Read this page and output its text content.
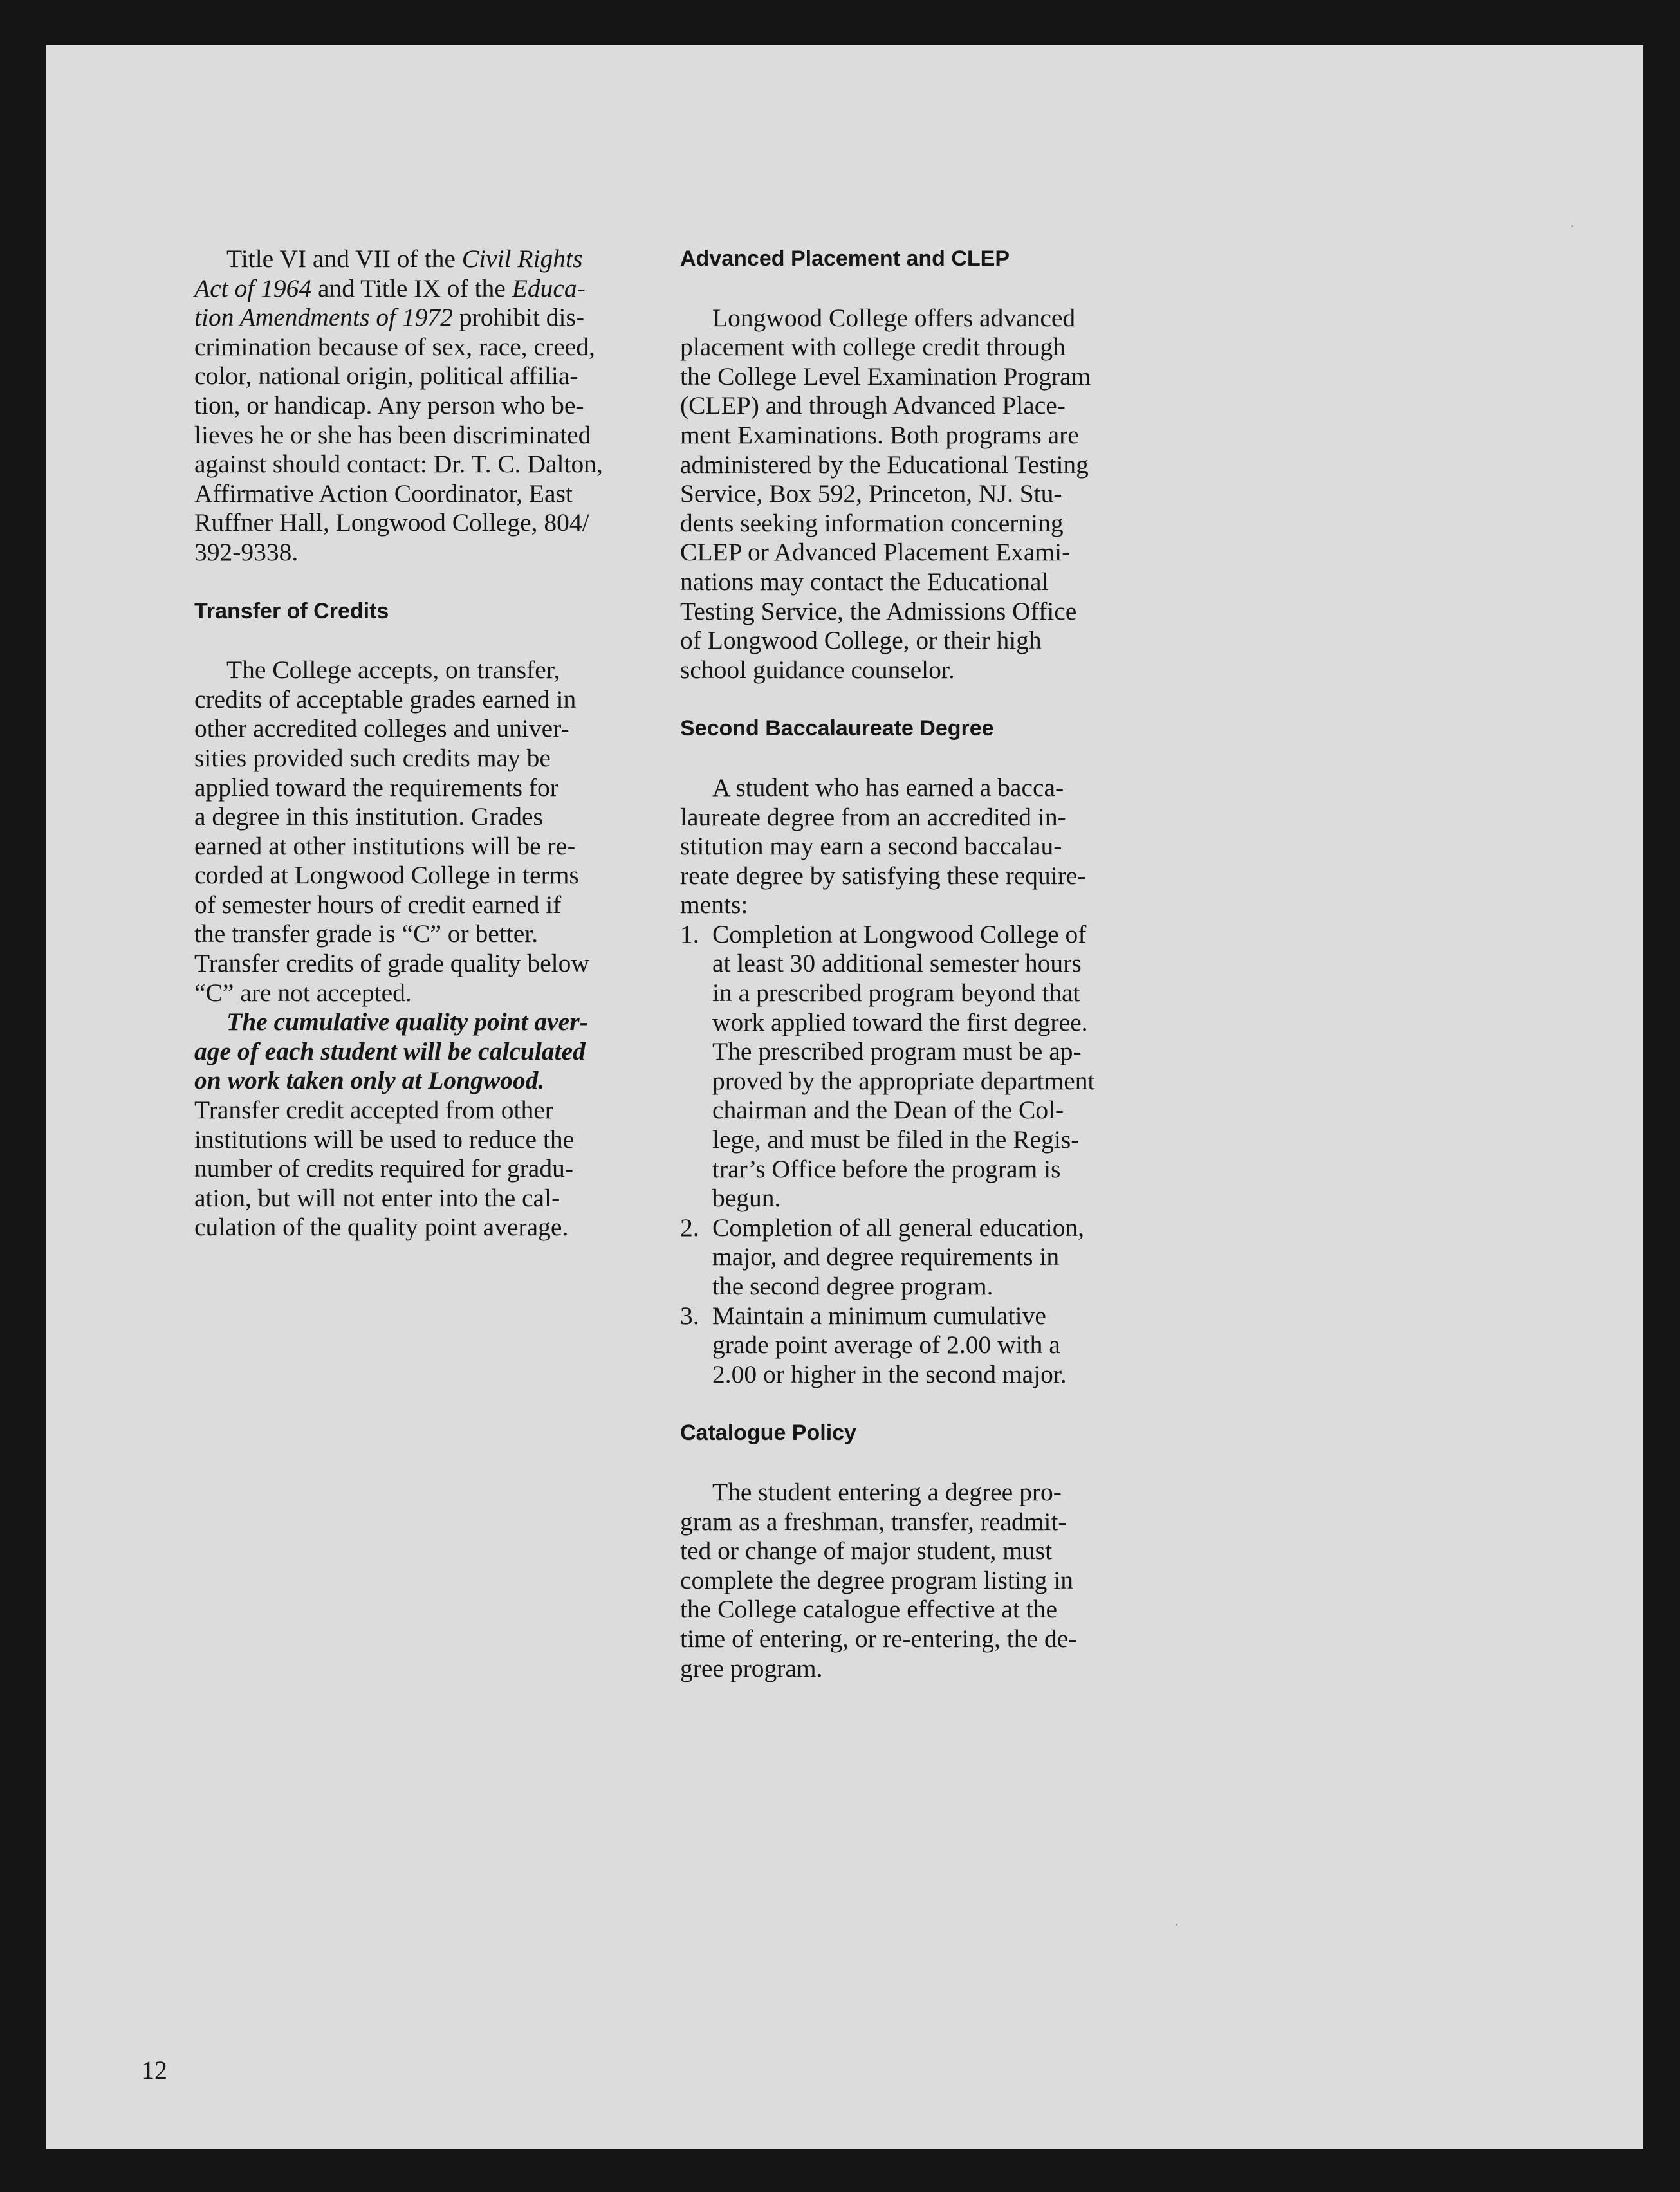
Title VI and VII of the Civil Rights
Act of 1964 and Title IX of the Educa-
tion Amendments of 1972 prohibit dis-
crimination because of sex, race, creed,
color, national origin, political affilia-
tion, or handicap. Any person who be-
lieves he or she has been discriminated
against should contact: Dr. T. C. Dalton,
Affirmative Action Coordinator, East
Ruffner Hall, Longwood College, 804/
392-9338.
Transfer of Credits
The College accepts, on transfer,
credits of acceptable grades earned in
other accredited colleges and univer-
sities provided such credits may be
applied toward the requirements for
a degree in this institution. Grades
earned at other institutions will be re-
corded at Longwood College in terms
of semester hours of credit earned if
the transfer grade is “C” or better.
Transfer credits of grade quality below
“C” are not accepted.
The cumulative quality point aver-
age of each student will be calculated
on work taken only at Longwood.
Transfer credit accepted from other
institutions will be used to reduce the
number of credits required for gradu-
ation, but will not enter into the cal-
culation of the quality point average.
Advanced Placement and CLEP
Longwood College offers advanced
placement with college credit through
the College Level Examination Program
(CLEP) and through Advanced Place-
ment Examinations. Both programs are
administered by the Educational Testing
Service, Box 592, Princeton, NJ. Stu-
dents seeking information concerning
CLEP or Advanced Placement Exami-
nations may contact the Educational
Testing Service, the Admissions Office
of Longwood College, or their high
school guidance counselor.
Second Baccalaureate Degree
A student who has earned a bacca-
laureate degree from an accredited in-
stitution may earn a second baccalau-
reate degree by satisfying these require-
ments:
1. Completion at Longwood College of
at least 30 additional semester hours
in a prescribed program beyond that
work applied toward the first degree.
The prescribed program must be ap-
proved by the appropriate department
chairman and the Dean of the Col-
lege, and must be filed in the Regis-
trar’s Office before the program is
begun.
2. Completion of all general education,
major, and degree requirements in
the second degree program.
3. Maintain a minimum cumulative
grade point average of 2.00 with a
2.00 or higher in the second major.
Catalogue Policy
The student entering a degree pro-
gram as a freshman, transfer, readmit-
ted or change of major student, must
complete the degree program listing in
the College catalogue effective at the
time of entering, or re-entering, the de-
gree program.
12
